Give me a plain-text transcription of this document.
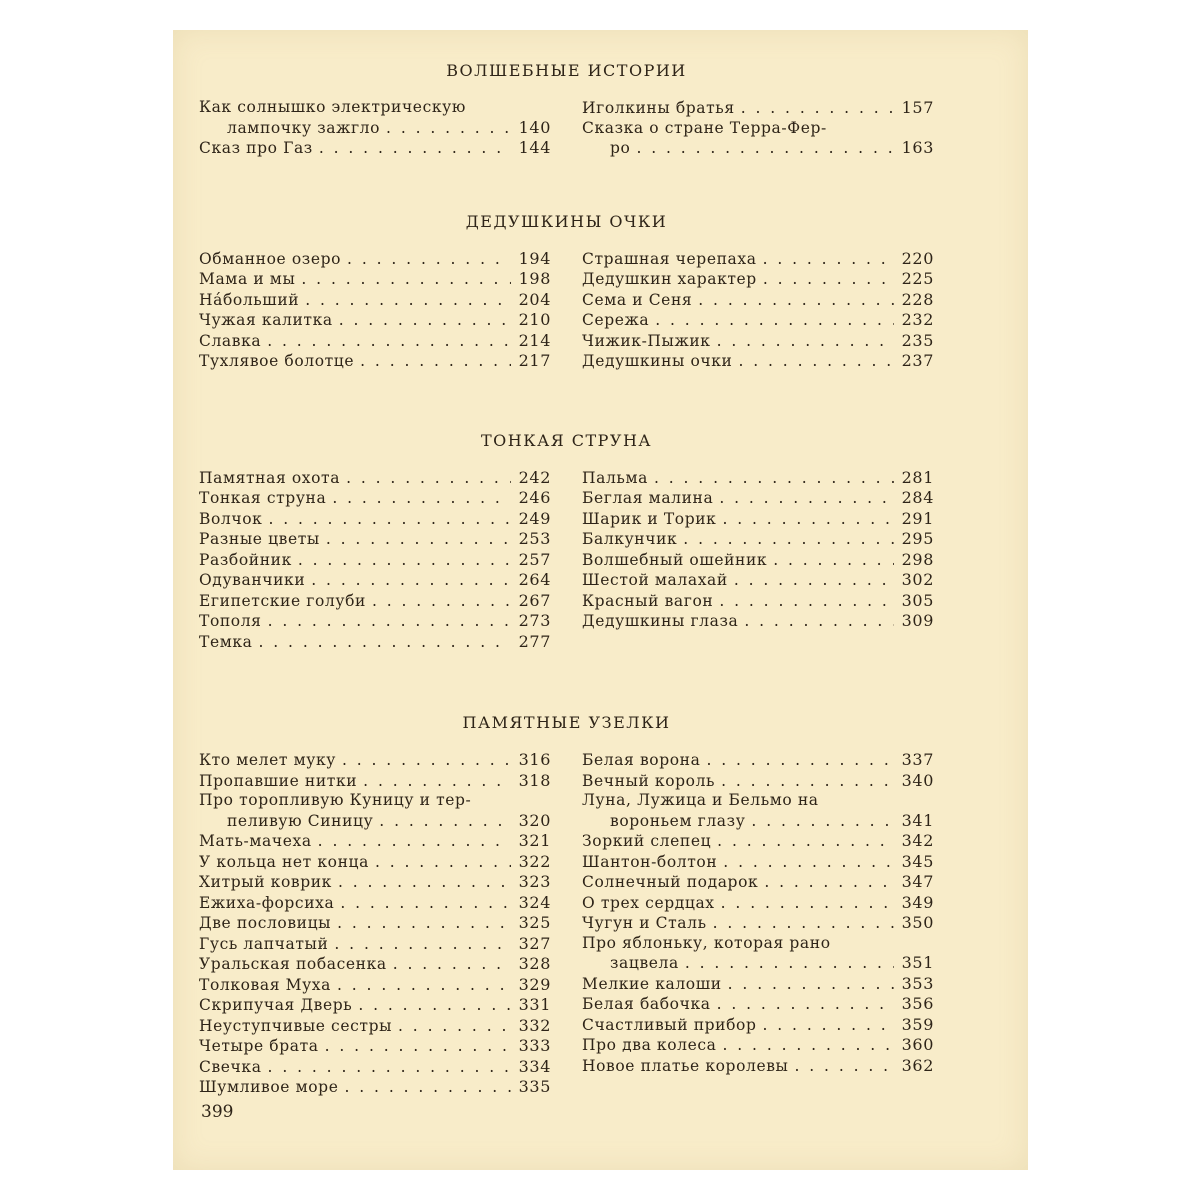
ВОЛШЕБНЫЕ ИСТОРИИ
Как солнышко электрическую
лампочку зажгло . .	140
Сказ про Газ . .	144
Иголкины братья . .	157
Сказка о стране Терра-Фер-
ро . .	163
ДЕДУШКИНЫ ОЧКИ
Обманное озеро . .	194
Мама и мы . .	198
Нáбольший . .	204
Чужая калитка . .	210
Славка . .	214
Тухлявое болотце . .	217
Страшная черепаха . .	220
Дедушкин характер . .	225
Сема и Сеня . .	228
Сережа . .	232
Чижик-Пыжик . .	235
Дедушкины очки . .	237
ТОНКАЯ СТРУНА
Памятная охота . .	242
Тонкая струна . .	246
Волчок . .	249
Разные цветы . .	253
Разбойник . .	257
Одуванчики . .	264
Египетские голуби . .	267
Тополя . .	273
Темка . .	277
Пальма . .	281
Беглая малина . .	284
Шарик и Торик . .	291
Балкунчик . .	295
Волшебный ошейник . .	298
Шестой малахай . .	302
Красный вагон . .	305
Дедушкины глаза . .	309
ПАМЯТНЫЕ УЗЕЛКИ
Кто мелет муку . .	316
Пропавшие нитки . .	318
Про торопливую Куницу и тер-
пеливую Синицу . .	320
Мать-мачеха . .	321
У кольца нет конца . .	322
Хитрый коврик . .	323
Ежиха-форсиха . .	324
Две пословицы . .	325
Гусь лапчатый . .	327
Уральская побасенка . .	328
Толковая Муха . .	329
Скрипучая Дверь . .	331
Неуступчивые сестры . .	332
Четыре брата . .	333
Свечка . .	334
Шумливое море . .	335
Белая ворона . .	337
Вечный король . .	340
Луна, Лужица и Бельмо на
вороньем глазу . .	341
Зоркий слепец . .	342
Шантон-болтон . .	345
Солнечный подарок . .	347
О трех сердцах . .	349
Чугун и Сталь . .	350
Про яблоньку, которая рано
зацвела . .	351
Мелкие калоши . .	353
Белая бабочка . .	356
Счастливый прибор . .	359
Про два колеса . .	360
Новое платье королевы . .	362
399
